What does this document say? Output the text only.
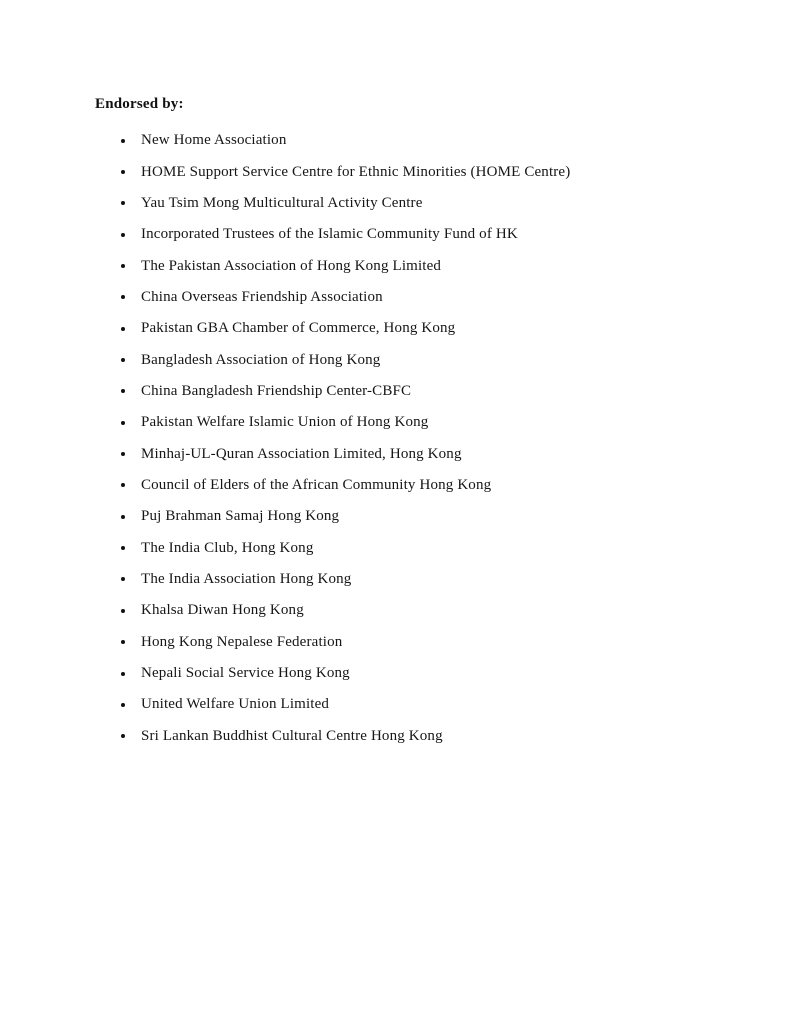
Endorsed by:
New Home Association
HOME Support Service Centre for Ethnic Minorities (HOME Centre)
Yau Tsim Mong Multicultural Activity Centre
Incorporated Trustees of the Islamic Community Fund of HK
The Pakistan Association of Hong Kong Limited
China Overseas Friendship Association
Pakistan GBA Chamber of Commerce, Hong Kong
Bangladesh Association of Hong Kong
China Bangladesh Friendship Center-CBFC
Pakistan Welfare Islamic Union of Hong Kong
Minhaj-UL-Quran Association Limited, Hong Kong
Council of Elders of the African Community Hong Kong
Puj Brahman Samaj Hong Kong
The India Club, Hong Kong
The India Association Hong Kong
Khalsa Diwan Hong Kong
Hong Kong Nepalese Federation
Nepali Social Service Hong Kong
United Welfare Union Limited
Sri Lankan Buddhist Cultural Centre Hong Kong
